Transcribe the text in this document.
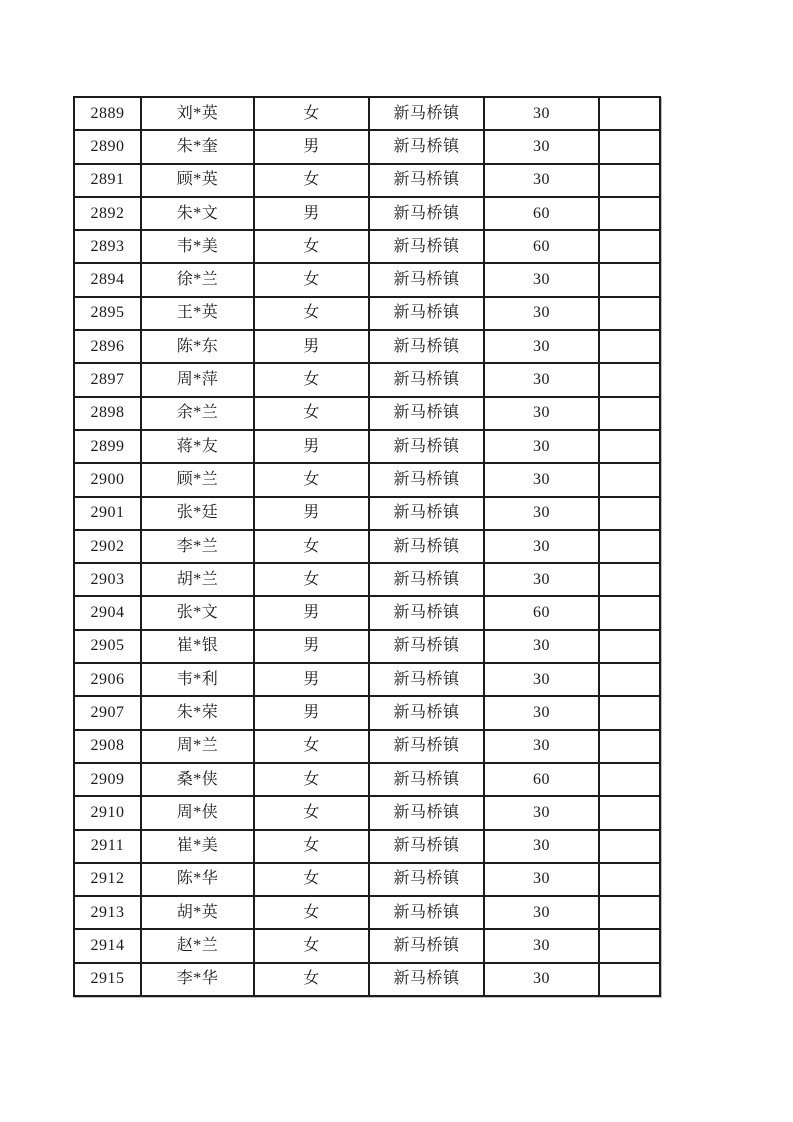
2889	刘*英	女	新马桥镇	30	
2890	朱*奎	男	新马桥镇	30	
2891	顾*英	女	新马桥镇	30	
2892	朱*文	男	新马桥镇	60	
2893	韦*美	女	新马桥镇	60	
2894	徐*兰	女	新马桥镇	30	
2895	王*英	女	新马桥镇	30	
2896	陈*东	男	新马桥镇	30	
2897	周*萍	女	新马桥镇	30	
2898	余*兰	女	新马桥镇	30	
2899	蒋*友	男	新马桥镇	30	
2900	顾*兰	女	新马桥镇	30	
2901	张*廷	男	新马桥镇	30	
2902	李*兰	女	新马桥镇	30	
2903	胡*兰	女	新马桥镇	30	
2904	张*文	男	新马桥镇	60	
2905	崔*银	男	新马桥镇	30	
2906	韦*利	男	新马桥镇	30	
2907	朱*荣	男	新马桥镇	30	
2908	周*兰	女	新马桥镇	30	
2909	桑*侠	女	新马桥镇	60	
2910	周*侠	女	新马桥镇	30	
2911	崔*美	女	新马桥镇	30	
2912	陈*华	女	新马桥镇	30	
2913	胡*英	女	新马桥镇	30	
2914	赵*兰	女	新马桥镇	30	
2915	李*华	女	新马桥镇	30	
